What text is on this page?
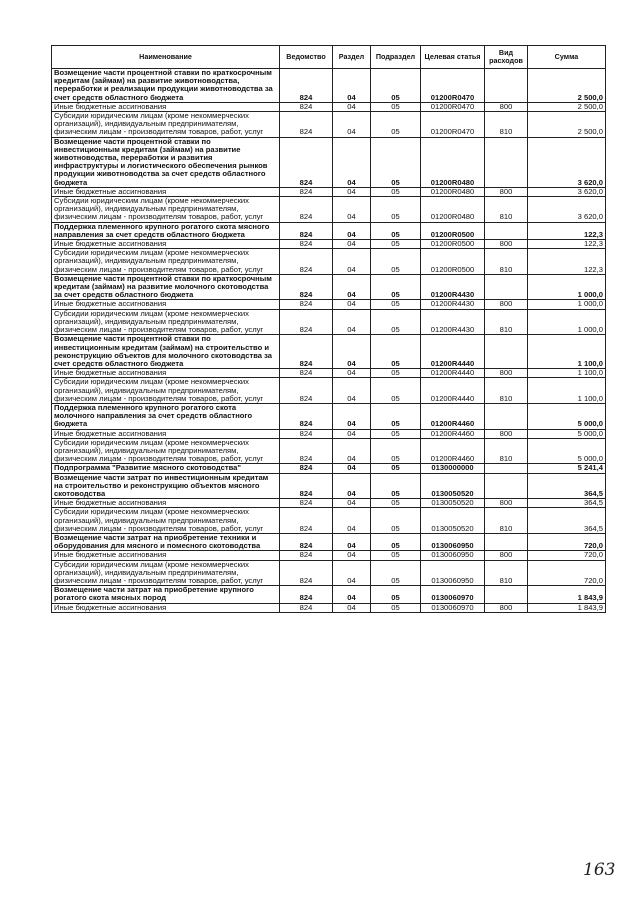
Наименование	Ведомство	Раздел	Подраздел	Целевая статья	Вид расходов	Сумма
Возмещение части процентной ставки по краткосрочным кредитам (займам) на развитие животноводства, переработки и реализации продукции животноводства за счет средств областного бюджета	824	04	05	01200R0470		2 500,0
Иные бюджетные ассигнования	824	04	05	01200R0470	800	2 500,0
Субсидии юридическим лицам (кроме некоммерческих организаций), индивидуальным предпринимателям, физическим лицам - производителям товаров, работ, услуг	824	04	05	01200R0470	810	2 500,0
Возмещение части процентной ставки по инвестиционным кредитам (займам) на развитие животноводства, переработки и развития инфраструктуры и логистического обеспечения рынков продукции животноводства за счет средств областного бюджета	824	04	05	01200R0480		3 620,0
Иные бюджетные ассигнования	824	04	05	01200R0480	800	3 620,0
Субсидии юридическим лицам (кроме некоммерческих организаций), индивидуальным предпринимателям, физическим лицам - производителям товаров, работ, услуг	824	04	05	01200R0480	810	3 620,0
Поддержка племенного крупного рогатого скота мясного направления за счет средств областного бюджета	824	04	05	01200R0500		122,3
Иные бюджетные ассигнования	824	04	05	01200R0500	800	122,3
Субсидии юридическим лицам (кроме некоммерческих организаций), индивидуальным предпринимателям, физическим лицам - производителям товаров, работ, услуг	824	04	05	01200R0500	810	122,3
Возмещение части процентной ставки по краткосрочным кредитам (займам) на развитие молочного скотоводства за счет средств областного бюджета	824	04	05	01200R4430		1 000,0
Иные бюджетные ассигнования	824	04	05	01200R4430	800	1 000,0
Субсидии юридическим лицам (кроме некоммерческих организаций), индивидуальным предпринимателям, физическим лицам - производителям товаров, работ, услуг	824	04	05	01200R4430	810	1 000,0
Возмещение части процентной ставки по инвестиционным кредитам (займам) на строительство и реконструкцию объектов для молочного скотоводства за счет средств областного бюджета	824	04	05	01200R4440		1 100,0
Иные бюджетные ассигнования	824	04	05	01200R4440	800	1 100,0
Субсидии юридическим лицам (кроме некоммерческих организаций), индивидуальным предпринимателям, физическим лицам - производителям товаров, работ, услуг	824	04	05	01200R4440	810	1 100,0
Поддержка племенного крупного рогатого скота молочного направления за счет средств областного бюджета	824	04	05	01200R4460		5 000,0
Иные бюджетные ассигнования	824	04	05	01200R4460	800	5 000,0
Субсидии юридическим лицам (кроме некоммерческих организаций), индивидуальным предпринимателям, физическим лицам - производителям товаров, работ, услуг	824	04	05	01200R4460	810	5 000,0
Подпрограмма "Развитие мясного скотоводства"	824	04	05	0130000000		5 241,4
Возмещение части затрат по инвестиционным кредитам на строительство и реконструкцию объектов мясного скотоводства	824	04	05	0130050520		364,5
Иные бюджетные ассигнования	824	04	05	0130050520	800	364,5
Субсидии юридическим лицам (кроме некоммерческих организаций), индивидуальным предпринимателям, физическим лицам - производителям товаров, работ, услуг	824	04	05	0130050520	810	364,5
Возмещение части затрат на приобретение техники и оборудования для мясного и помесного скотоводства	824	04	05	0130060950		720,0
Иные бюджетные ассигнования	824	04	05	0130060950	800	720,0
Субсидии юридическим лицам (кроме некоммерческих организаций), индивидуальным предпринимателям, физическим лицам - производителям товаров, работ, услуг	824	04	05	0130060950	810	720,0
Возмещение части затрат на приобретение крупного рогатого скота мясных пород	824	04	05	0130060970		1 843,9
Иные бюджетные ассигнования	824	04	05	0130060970	800	1 843,9
163
